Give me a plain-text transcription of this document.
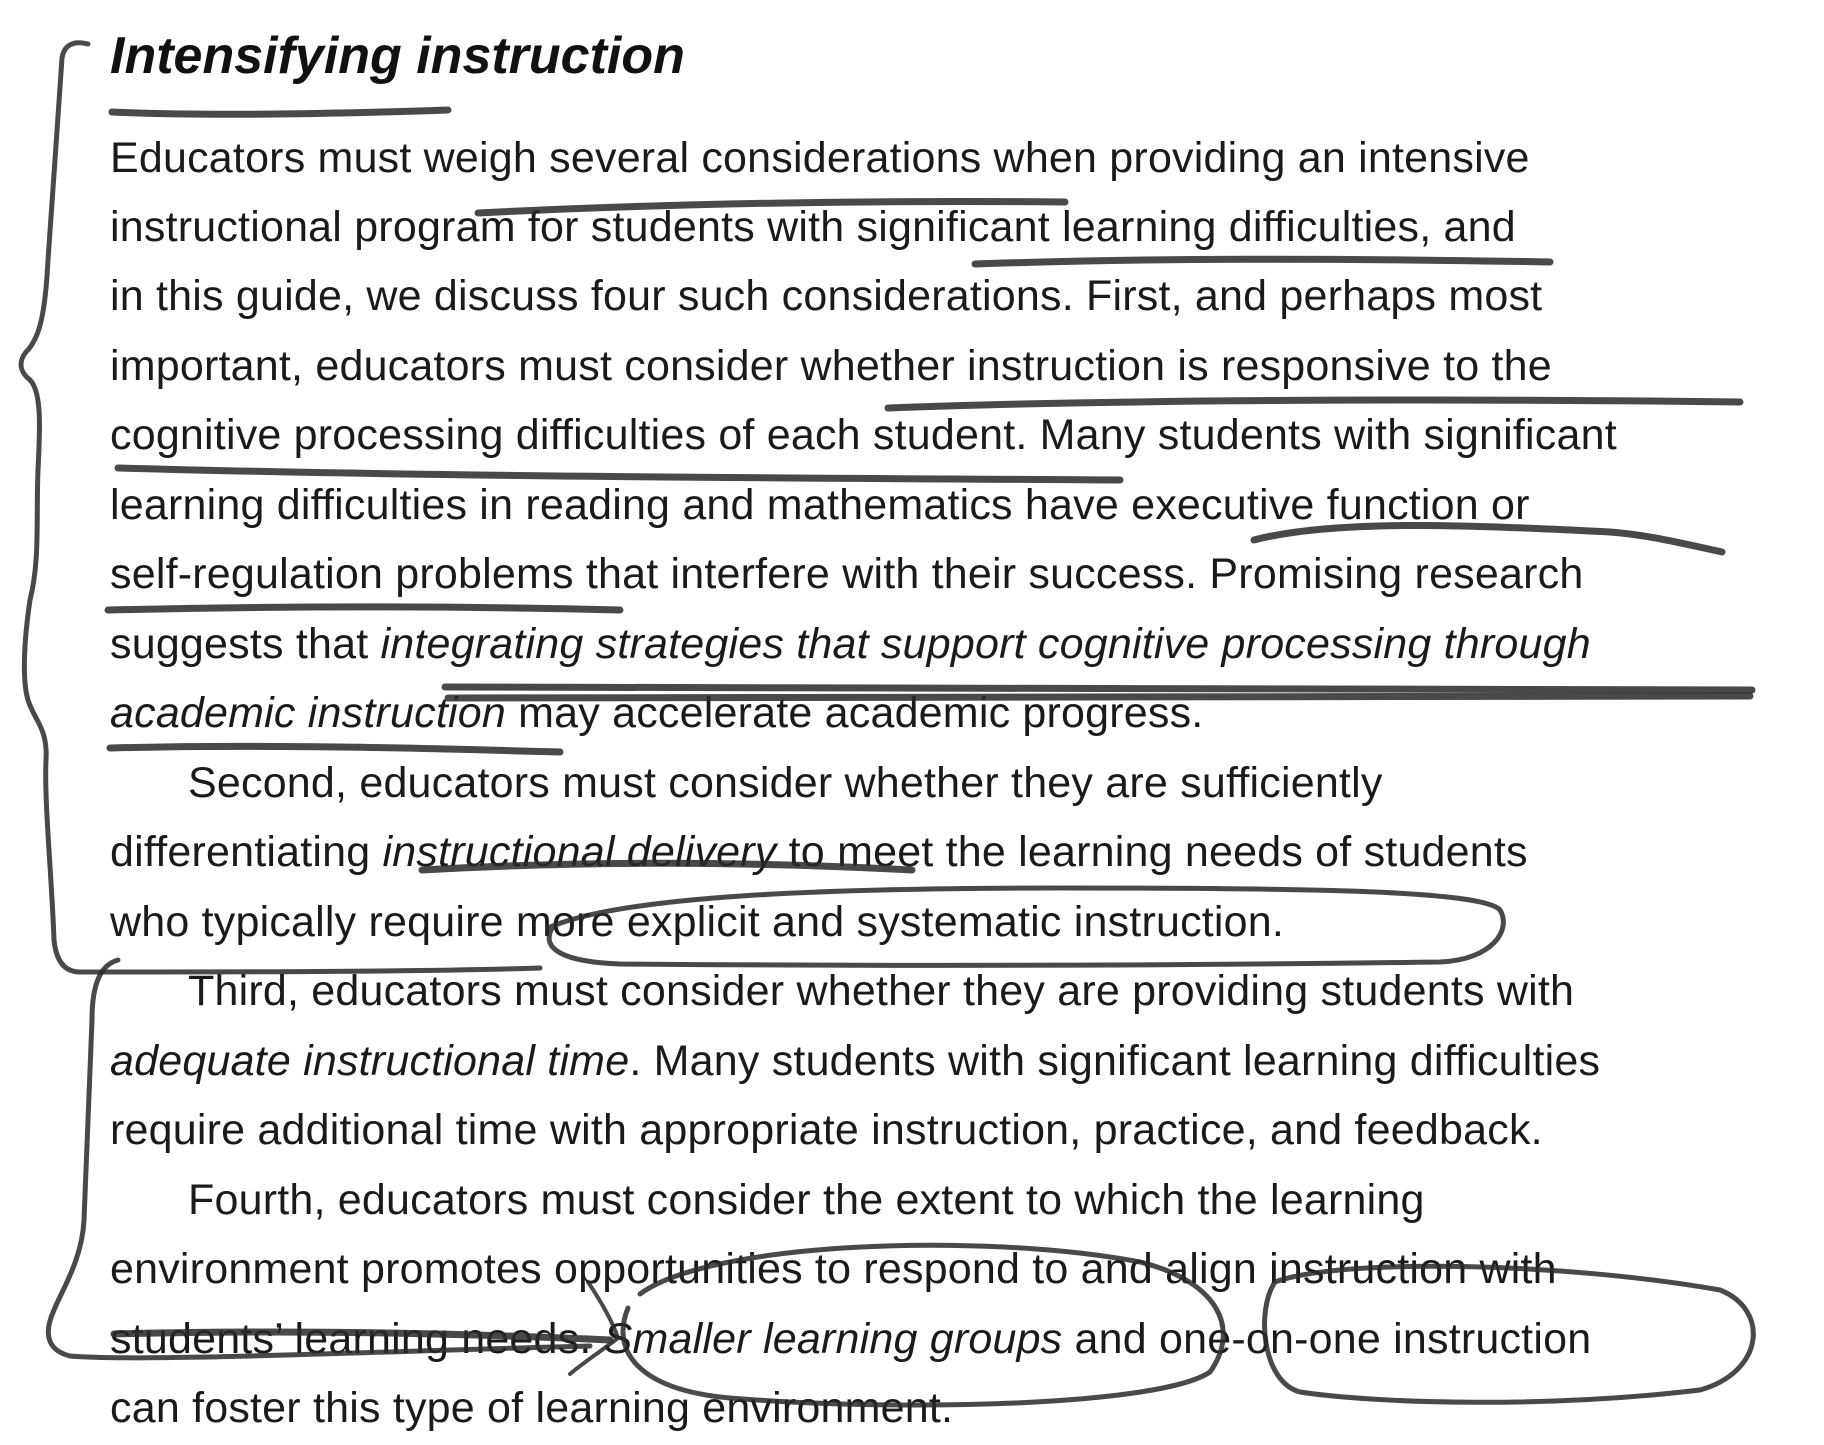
Intensifying instruction
Educators must weigh several considerations when providing an intensive
instructional program for students with significant learning difficulties, and
in this guide, we discuss four such considerations. First, and perhaps most
important, educators must consider whether instruction is responsive to the
cognitive processing difficulties of each student. Many students with significant
learning difficulties in reading and mathematics have executive function or
self-regulation problems that interfere with their success. Promising research
suggests that integrating strategies that support cognitive processing through
academic instruction may accelerate academic progress.
Second, educators must consider whether they are sufficiently
differentiating instructional delivery to meet the learning needs of students
who typically require more explicit and systematic instruction.
Third, educators must consider whether they are providing students with
adequate instructional time. Many students with significant learning difficulties
require additional time with appropriate instruction, practice, and feedback.
Fourth, educators must consider the extent to which the learning
environment promotes opportunities to respond to and align instruction with
students’ learning needs. Smaller learning groups and one-on-one instruction
can foster this type of learning environment.
